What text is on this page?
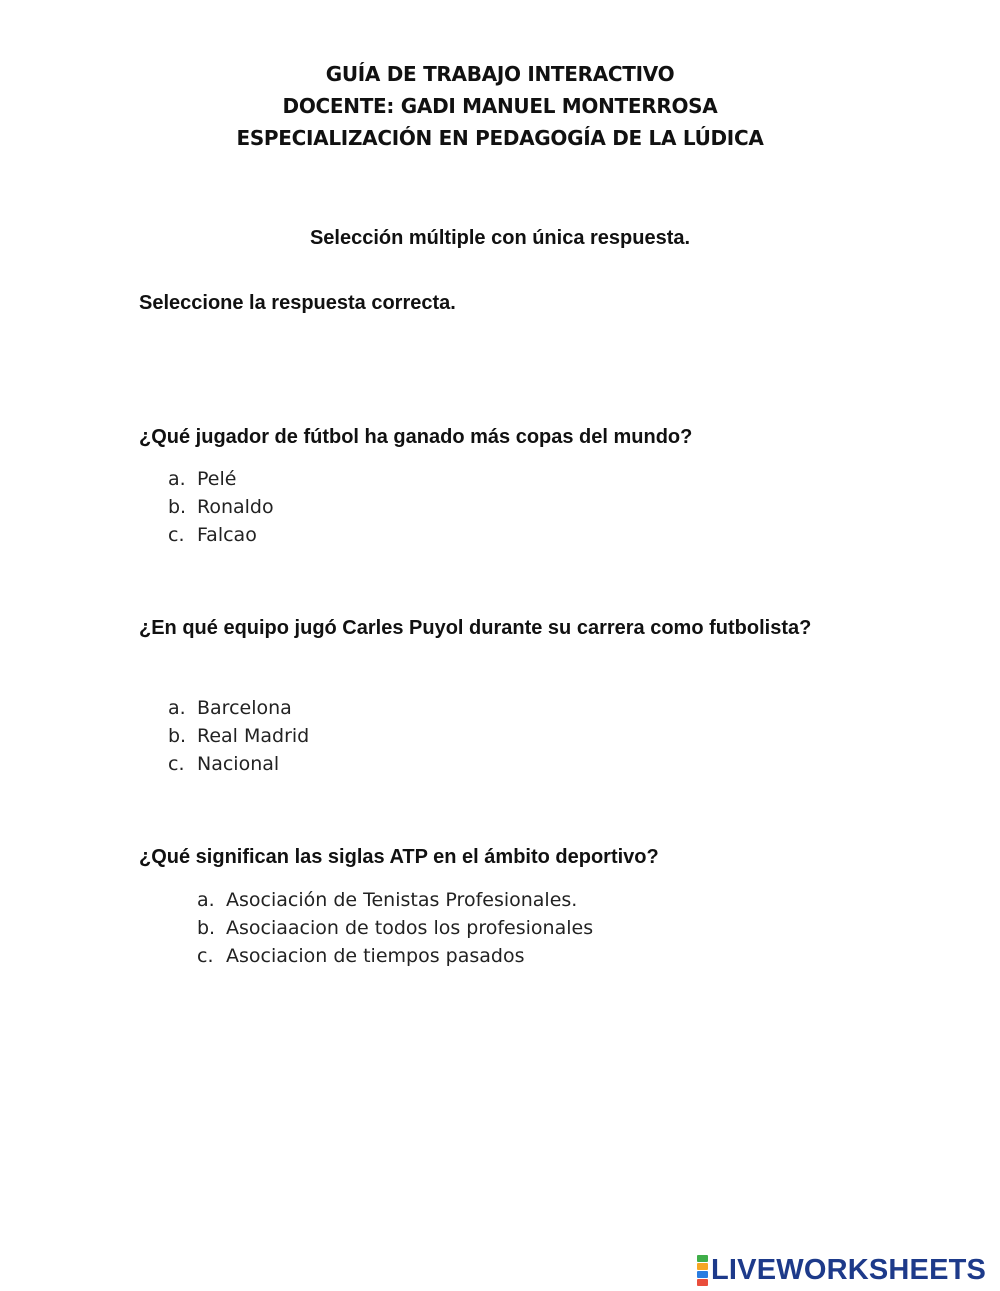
GUÍA DE TRABAJO INTERACTIVO
DOCENTE: GADI MANUEL MONTERROSA
ESPECIALIZACIÓN EN PEDAGOGÍA DE LA LÚDICA
Selección múltiple con única respuesta.
Seleccione la respuesta correcta.
¿Qué jugador de fútbol ha ganado más copas del mundo?
a. Pelé
b. Ronaldo
c. Falcao
¿En qué equipo jugó Carles Puyol durante su carrera como futbolista?
a. Barcelona
b. Real Madrid
c. Nacional
¿Qué significan las siglas ATP en el ámbito deportivo?
a. Asociación de Tenistas Profesionales.
b. Asociaacion de todos los profesionales
c. Asociacion de tiempos pasados
LIVEWORKSHEETS
